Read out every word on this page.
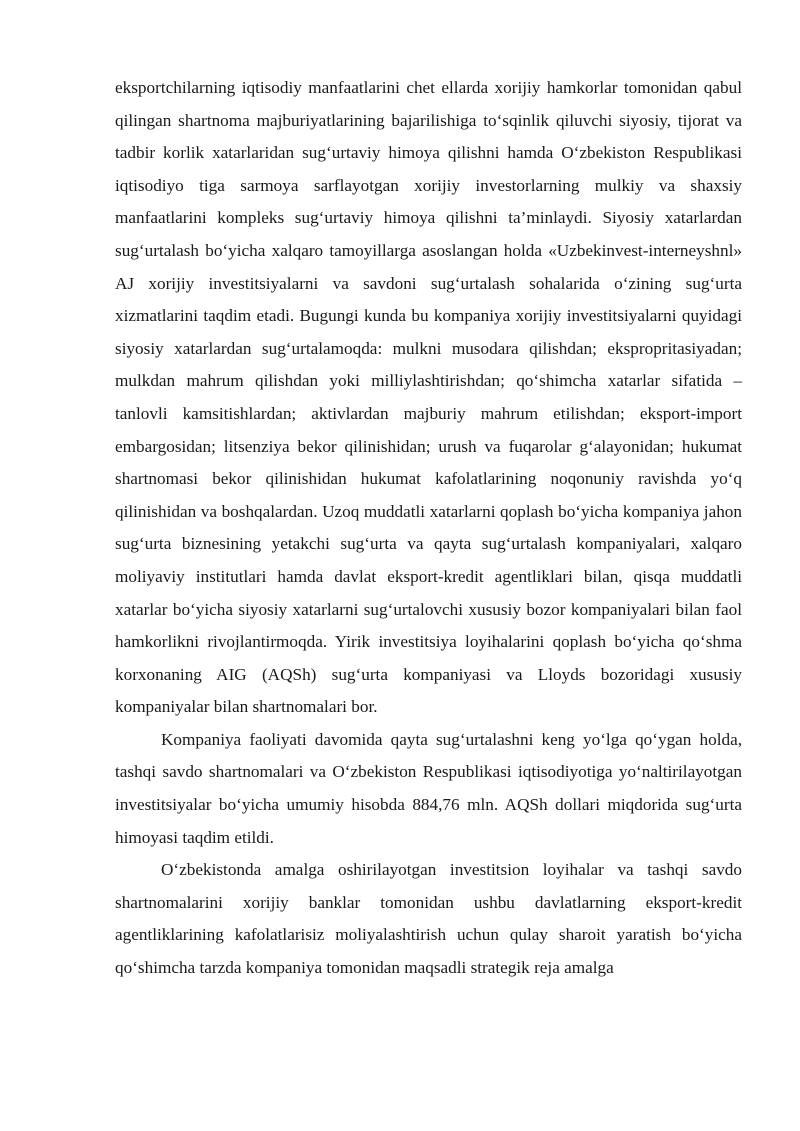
eksportchilarning iqtisodiy manfaatlarini chet ellarda xorijiy hamkorlar tomonidan qabul qilingan shartnoma majburiyatlarining bajarilishiga to‘sqinlik qiluvchi siyosiy, tijorat va tadbir korlik xatarlaridan sug‘urtaviy himoya qilishni hamda O‘zbekiston Respublikasi iqtisodiyo tiga sarmoya sarflayotgan xorijiy investorlarning mulkiy va shaxsiy manfaatlarini kompleks sug‘urtaviy himoya qilishni ta’minlaydi. Siyosiy xatarlardan sug‘urtalash bo‘yicha xalqaro tamoyillarga asoslangan holda «Uzbekinvest-interneyshnl» AJ xorijiy investitsiyalarni va savdoni sug‘urtalash sohalarida o‘zining sug‘urta xizmatlarini taqdim etadi. Bugungi kunda bu kompaniya xorijiy investitsiyalarni quyidagi siyosiy xatarlardan sug‘urtalamoqda: mulkni musodara qilishdan; ekspropritasiyadan; mulkdan mahrum qilishdan yoki milliylashtirishdan; qo‘shimcha xatarlar sifatida – tanlovli kamsitishlardan; aktivlardan majburiy mahrum etilishdan; eksport-import embargosidan; litsenziya bekor qilinishidan; urush va fuqarolar g‘alayonidan; hukumat shartnomasi bekor qilinishidan hukumat kafolatlarining noqonuniy ravishda yo‘q qilinishidan va boshqalardan. Uzoq muddatli xatarlarni qoplash bo‘yicha kompaniya jahon sug‘urta biznesining yetakchi sug‘urta va qayta sug‘urtalash kompaniyalari, xalqaro moliyaviy institutlari hamda davlat eksport-kredit agentliklari bilan, qisqa muddatli xatarlar bo‘yicha siyosiy xatarlarni sug‘urtalovchi xususiy bozor kompaniyalari bilan faol hamkorlikni rivojlantirmoqda. Yirik investitsiya loyihalarini qoplash bo‘yicha qo‘shma korxonaning AIG (AQSh) sug‘urta kompaniyasi va Lloyds bozoridagi xususiy kompaniyalar bilan shartnomalari bor.

Kompaniya faoliyati davomida qayta sug‘urtalashni keng yo‘lga qo‘ygan holda, tashqi savdo shartnomalari va O‘zbekiston Respublikasi iqtisodiyotiga yo‘naltirilayotgan investitsiyalar bo‘yicha umumiy hisobda 884,76 mln. AQSh dollari miqdorida sug‘urta himoyasi taqdim etildi.

O‘zbekistonda amalga oshirilayotgan investitsion loyihalar va tashqi savdo shartnomalarini xorijiy banklar tomonidan ushbu davlatlarning eksport-kredit agentliklarining kafolatlarisiz moliyalashtirish uchun qulay sharoit yaratish bo‘yicha qo‘shimcha tarzda kompaniya tomonidan maqsadli strategik reja amalga
